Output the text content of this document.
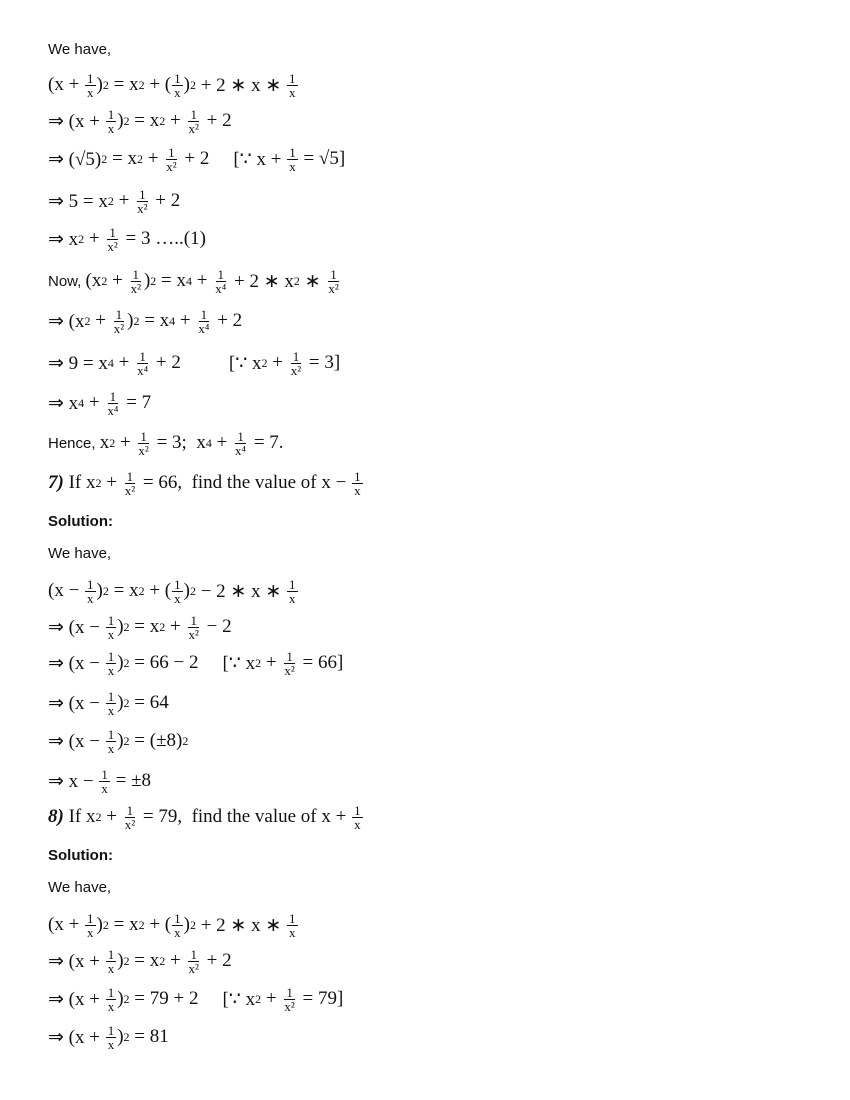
We have,
($x + \frac{1}{x}$ ) 2 = x 2 + ( $\frac{1}{x}$ ) 2 + 2 ∗ x ∗ $\frac{1}{x}$
⇒ ($x + \frac{1}{x}$ ) 2 = x $2 + \frac{1}{\text{x²}} + 2$
⇒ (√5) 2 = x $2 + \frac{1}{\text{x²}} + 2$ [∵ $x + \frac{1}{x} = √5$]
⇒ 5 = x $2 + \frac{1}{\text{x²}} + 2$
⇒ x $2 + \frac{1}{\text{x²}} = 3$ …..(1)
Now, (x $2 + \frac{1}{\text{x²}}$ ) 2 = x $4 + \frac{1}{\text{x⁴}} + 2$ ∗ x 2 ∗ $\frac{1}{\text{x²}}$
⇒ (x $2 + \frac{1}{\text{x²}}$ ) 2 = x $4 + \frac{1}{\text{x⁴}} + 2$
⇒ 9 = x $4 + \frac{1}{\text{x⁴}} + 2$	[∵ x $2 + \frac{1}{\text{x²}} = 3$]
⇒ x $4 + \frac{1}{\text{x⁴}} = 7$
Hence, x $2 + \frac{1}{\text{x²}} = 3$;  x $4 + \frac{1}{\text{x⁴}} = 7$.
7) If x $2 + \frac{1}{\text{x²}} = 66$,  find the value of $x - \frac{1}{x}$
Solution:
We have,
($x - \frac{1}{x}$ ) 2 = x 2 + ( $\frac{1}{x}$ ) 2 − 2 ∗ x ∗ $\frac{1}{x}$
⇒ ($x - \frac{1}{x}$ ) 2 = x $2 + \frac{1}{\text{x²}} - 2$
⇒ ($x - \frac{1}{x}$ ) 2 = 66 − 2 [∵ x $2 + \frac{1}{\text{x²}} = 66$]
⇒ ($x - \frac{1}{x}$ ) 2 = 64
⇒ ($x - \frac{1}{x}$ ) 2 = (±8) 2
⇒ $x - \frac{1}{x} = \pm 8$
8) If x $2 + \frac{1}{\text{x²}} = 79$,  find the value of $x + \frac{1}{x}$
Solution:
We have,
($x + \frac{1}{x}$ ) 2 = x 2 + ( $\frac{1}{x}$ ) 2 + 2 ∗ x ∗ $\frac{1}{x}$
⇒ ($x + \frac{1}{x}$ ) 2 = x $2 + \frac{1}{\text{x²}} + 2$
⇒ ($x + \frac{1}{x}$ ) 2 = 79 + 2 [∵ x $2 + \frac{1}{\text{x²}} = 79$]
⇒ ($x + \frac{1}{x}$ ) 2 = 81
